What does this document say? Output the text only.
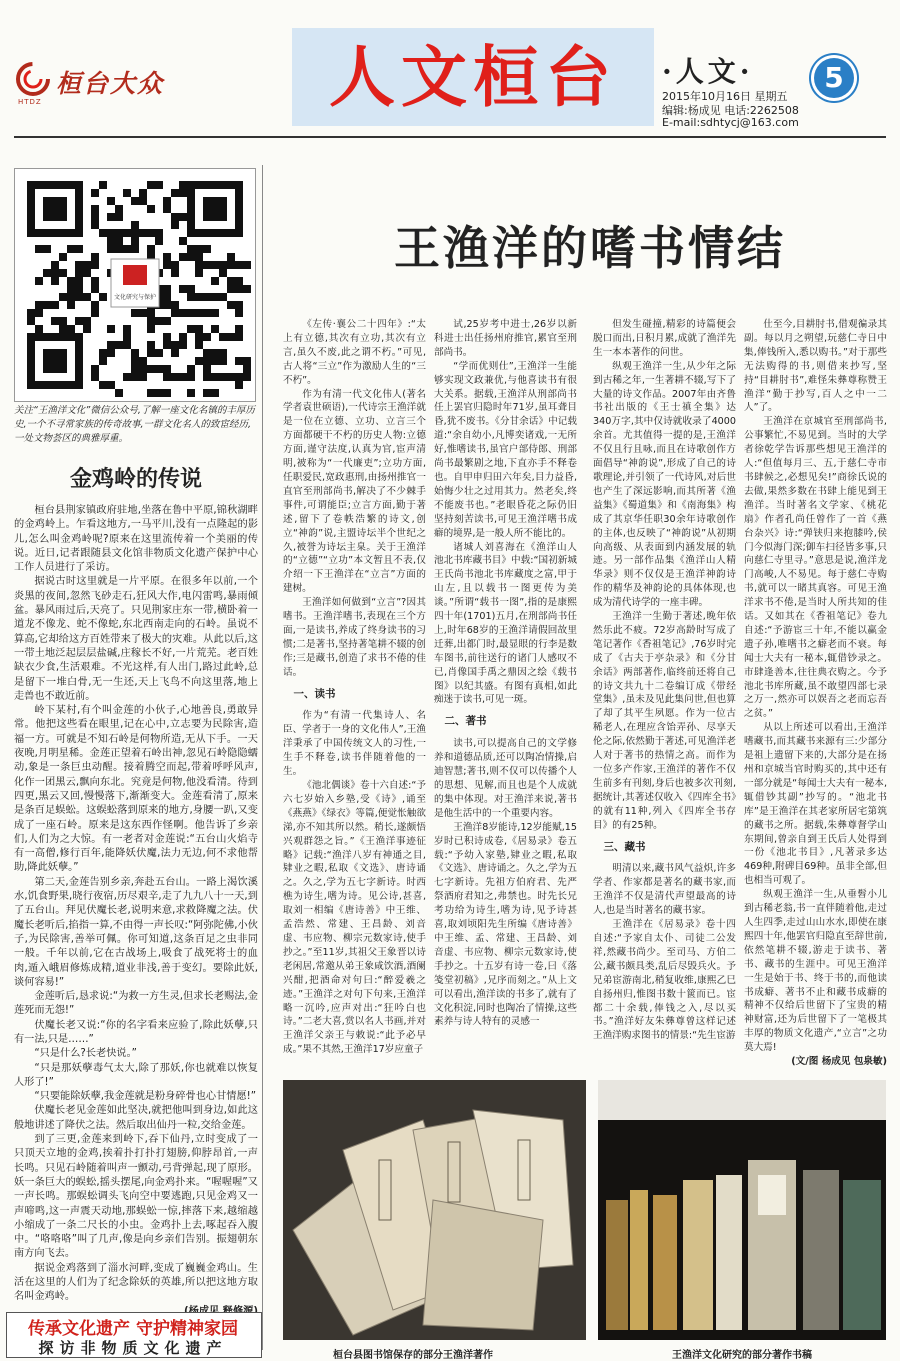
桓台大众
HTDZ	人文桓台	·人文·	5
2015年10月16日 星期五
编辑:杨成见 电话:2262508
E-mail:sdhtycj@163.com
文化研究与保护
关注“王渔洋文化”微信公众号,了解一座文化名镇的丰厚历史,一个不寻常家族的传奇故事,一群文化名人的致宦经历,一处文物荟区的典雅厚重。
金鸡岭的传说

桓台县荆家镇政府驻地,坐落在鲁中平原,锦秋湖畔的金鸡岭上。乍看这地方,一马平川,没有一点隆起的影儿,怎么叫金鸡岭呢?原来在这里流传着一个美丽的传说。近日,记者跟随县文化馆非物质文化遗产保护中心工作人员进行了采访。

据说古时这里就是一片平原。在很多年以前,一个炎黑的夜间,忽然飞砂走石,狂风大作,电闪雷鸣,暴雨倾盆。暴风雨过后,天亮了。只见荆家庄东一带,横卧着一道龙不像龙、蛇不像蛇,东北西南走向的石岭。虽说不算高,它却给这方百姓带来了极大的灾难。从此以后,这一带土地泛起层层盐碱,庄稼长不好,一片荒芜。老百姓缺衣少食,生活艰难。不光这样,有人出门,路过此岭,总是留下一堆白骨,无一生还,天上飞鸟不向这里落,地上走兽也不敢近前。

岭下某村,有个叫金莲的小伙子,心地善良,勇敢异常。他把这些看在眼里,记在心中,立志要为民除害,造福一方。可就是不知石岭是何物所造,无从下手。一天夜晚,月明星稀。金莲正望着石岭出神,忽见石岭隐隐蠕动,象是一条巨虫动醒。接着腾空而起,带着呼呼风声,化作一团黑云,飘向东北。究竟是何物,他没看清。待到四更,黑云又回,慢慢落下,渐渐变大。金莲看清了,原来是条百足蜈蚣。这蜈蚣落到原来的地方,身腰一趴,又变成了一座石岭。原来是这东西作怪啊。他告诉了乡亲们,人们为之大惊。有一老者对金莲说:“五台山火焰寺有一高僧,修行百年,能降妖伏魔,法力无边,何不求他帮助,降此妖孽。”

第二天,金莲告别乡亲,奔赴五台山。一路上渴饮溪水,饥食野果,晓行夜宿,历尽艰辛,走了九九八十一天,到了五台山。拜见伏魔长老,说明来意,求救降魔之法。伏魔长老听后,掐指一算,不由得一声长叹:“阿弥陀佛,小伙子,为民除害,善举可佩。你可知道,这条百足之虫非同一般。千年以前,它在古战场上,吸食了战死将士的血肉,遁入峨眉修炼成精,道业非浅,善于变幻。要除此妖,谈何容易!”

金莲听后,恳求说:“为救一方生灵,但求长老赐法,金莲死而无怨!”

伏魔长老又说:“你的名字看来应验了,除此妖孽,只有一法,只是……”

“只是什么?长老快说。”

“只是那妖孽毒气太大,除了那妖,你也就难以恢复人形了!”

“只要能除妖孽,我金莲就是粉身碎骨也心甘情愿!”

伏魔长老见金莲如此坚决,就把他叫到身边,如此这般地讲述了降伏之法。然后取出仙丹一粒,交给金莲。

到了三更,金莲来到岭下,吞下仙丹,立时变成了一只顶天立地的金鸡,挨着扑打扑打翅膀,仰脖昂首,一声长鸣。只见石岭随着叫声一颤动,弓背弹起,现了原形。妖一条巨大的蜈蚣,摇头摆尾,向金鸡扑来。“喔喔喔”又一声长鸣。那蜈蚣调头飞向空中要逃跑,只见金鸡又一声啼鸣,这一声震天动地,那蜈蚣一惊,摔落下来,越缩越小缩成了一条二尺长的小虫。金鸡扑上去,啄起吞入腹中。“咯咯咯”叫了几声,像是向乡亲们告别。振翅朝东南方向飞去。

据说金鸡落到了淄水河畔,变成了巍巍金鸡山。生活在这里的人们为了纪念除妖的英雄,所以把这地方取名叫金鸡岭。

传承文化遗产 守护精神家园
探访非物质文化遗产
王渔洋的嗜书情结

《左传·襄公二十四年》:“太上有立德,其次有立功,其次有立言,虽久不废,此之谓不朽。”可见,古人将“三立”作为激励人生的“三不朽”。

作为有清一代文化伟人(著名学者袁世硕语),一代诗宗王渔洋就是一位在立德、立功、立言三个方面都硬干不朽的历史人物:立德方面,谨守法度,认真为官,宦声清明,被称为“一代廉吏”;立功方面,任职爱民,宽政惠刑,由扬州推官一直官至刑部尚书,解决了不少棘手事件,可谓能臣;立言方面,勤于著述,留下了卷帙浩繁的诗文,创立“神韵”说,主盟诗坛半个世纪之久,被誉为诗坛主臬。关于王渔洋的“立德”“立功”本文暂且不表,仅介绍一下王渔洋在“立言”方面的建树。

王渔洋如何做到“立言”?因其嗜书。王渔洋嗜书,表现在三个方面,一是读书,养成了终身读书的习惯;二是著书,坚持著笔耕不辍的创作;三是藏书,创造了求书不倦的佳话。

一、读书

作为“有清一代集诗人、名臣、学者于一身的文化伟人”,王渔洋秉承了中国传统文人的习性,一生手不释卷,读书伴随着他的一生。

《池北偶谈》卷十六自述:“予六七岁始入乡塾,受《诗》,诵至《燕燕》《绿衣》等篇,便觉怅触欲涕,亦不知其所以然。稍长,遂颇悟兴观群怨之旨。”《王渔洋事迹征略》记载:“渔洋八岁有神通之目,肄业之暇,私取《文选》、唐诗诵之。久之,学为五七字新诗。时西樵为诗生,嗜为诗。见公诗,甚喜,取刘一相编《唐诗善》中王维、孟浩然、常建、王昌龄、刘音虚、韦应物、柳宗元数家诗,使手抄之。”至11岁,其祖父王象晋以诗老闲居,常邀从弟王象咸饮酒,酒阑兴酣,把酒命对句曰:“醉爱羲之迹。”王渔洋之对句下句来,王渔洋略一沉吟,应声对出:“狂吟白也诗。”二老大喜,赏以名人书画,并对王渔洋父亲王与敕说:“此予必早成。”果不其然,王渔洋17岁应童子

试,25岁考中进士,26岁以新科进士出任扬州府推官,累官至刑部尚书。

“学而优则仕”,王渔洋一生能够实现文政兼优,与他喜读书有很大关系。据载,王渔洋从刑部尚书任上罢官归隐时年71岁,虽耳聋目昏,犹不废书。《分甘余话》中记载道:“余自幼小,凡博奕诸戏,一无所好,惟嗜读书,虽官户部侍郎、刑部尚书最繁剧之地,下直亦手不释卷也。自甲申归田六年矣,目力益昏,始悔少壮之过用其力。然老矣,终不能废书也。”老眼昏花之际仍旧坚持刻苦读书,可见王渔洋嗜书成癖的境界,是一般人所不能比的。

诸城人刘喜海在《渔洋山人池北书库藏书目》中载:“国初新城王氏尚书池北书库藏度之富,甲于山左,且以载书一图更传为美谈。”所谓“载书一图”,指的是康熙四十年(1701)五月,在刑部尚书任上,时年68岁的王渔洋请假回故里迁葬,出都门时,最显眼的行李是数车图书,前往送行的诸门人感叹不已,肖像国手禹之鼎因之绘《载书图》以纪其盛。有图有真相,如此痴迷于读书,可见一斑。

二、著书

读书,可以提高自己的文学修养和道德品质,还可以陶冶情操,启迪智慧;著书,则不仅可以传播个人的思想、见解,而且也是个人成就的集中体现。对王渔洋来说,著书是他生活中的一个重要内容。

王渔洋8岁能诗,12岁能赋,15岁时已积诗成卷,《居易录》卷五载:“予幼入家塾,肄业之暇,私取《文选》、唐诗诵之。久之,学为五七字新诗。先祖方伯府君、先严祭酒府君知之,弗禁也。时先长兄考功给为诗生,嗜为诗,见予诗甚喜,取刘顷阳先生所编《唐诗善》中王维、孟、常建、王昌龄、刘音虚、韦应物、柳宗元数家诗,使手抄之。十五岁有诗一卷,曰《落笺堂初稿》,兄序而刻之。”从上文可以看出,渔洋读的书多了,就有了文化积淀,同时也陶冶了情操,这些素养与诗人特有的灵感一

但发生碰撞,精彩的诗篇便会脱口而出,日积月累,成就了渔洋先生一本本著作的问世。

纵观王渔洋一生,从少年之际到古稀之年,一生著耕不辍,写下了大量的诗文作品。2007年由齐鲁书社出版的《王士禛全集》达340万字,其中仅诗就收录了4000余首。尤其值得一提的是,王渔洋不仅且行且咏,而且在诗歌创作方面倡导“神韵说”,形成了自己的诗歌理论,并引领了一代诗风,对后世也产生了深远影响,而其所著《渔益集》《蜀道集》和《南海集》构成了其京华任职30余年诗歌创作的主体,也反映了“神韵说”从初期向高级、从表面到内涵发展的轨迹。另一部作品集《渔洋山人精华录》则不仅仅是王渔洋神韵诗作的精华及神韵论的具体体现,也成为清代诗学的一座丰碑。

王渔洋一生勤于著述,晚年依然乐此不疲。72岁高龄时写成了笔记著作《香祖笔记》,76岁时完成了《古夫于亭杂录》和《分甘余话》两部著作,临终前还将自己的诗文共九十二卷编订成《带经堂集》,虽未及见此集问世,但也算了却了其平生夙愿。作为一位古稀老人,在理应含饴弄孙、尽享天伦之际,依然勤于著述,可见渔洋老人对于著书的热情之高。而作为一位多产作家,王渔洋的著作不仅生前多有刊刻,身后也被多次刊刻,据统计,其著述仅收入《四库全书》的就有11种,列入《四库全书存目》的有25种。

三、藏书

明清以来,藏书风气益炽,许多学者、作家都是著名的藏书家,而王渔洋不仅是清代声望最高的诗人,也是当时著名的藏书家。

王渔洋在《居易录》卷十四自述:“予家自太仆、司徒二公发祥,然藏书尚少。至司马、方伯二公,藏书颇具类,乱后尽毁兵火。予兄弟宦游南北,稍复收维,康熙乙巳自扬州归,惟图书数十篋而已。宦都二十余载,俸钱之入,尽以买书。”渔洋好友朱彝尊曾这样记述王渔洋购求图书的情景:“先生宦游

仕至今,目耕肘书,借观徧录其副。每以月之朔望,玩慈仁寺日中集,俸钱所入,悉以购书。”对于那些无法购得的书,则借来抄写,坚持“目耕肘书”,难怪朱彝尊称赞王渔洋“勤于抄写,百人之中一二人”了。

王渔洋在京城官至刑部尚书,公事繁忙,不易见到。当时的大学者徐乾学告诉那些想见王渔洋的人:“但值每月三、五,于慈仁寺市书肆候之,必想见矣!”商徐氏说的去做,果然多数在书肆上能见到王渔洋。当时著名文学家、《桃花扇》作者孔尚任曾作了一首《燕台杂兴》诗:“弹铗归来抱膝吟,侯门今似海门深;御车扫径皆多事,只向慈仁寺里寻。”意思是说,渔洋龙门高峻,人不易见。每于慈仁寺购书,就可以一睹其真容。可见王渔洋求书不倦,是当时人所共知的佳话。又如其在《香祖笔记》卷九自述:“予游宦三十年,不能以赢金遗子孙,唯嗜书之癖老而不衰。每闻士大夫有一秘本,辄借钞录之。市肆逢善本,往往典衣购之。今予池北书库所藏,虽不敢望四部七录之万一,然亦可以娱吾之老而忘吾之贫。”

从以上所述可以看出,王渔洋嗜藏书,而其藏书来源有三:少部分是祖上遗留下来的,大部分是在扬州和京城当官时购买的,其中还有一部分就是“每闻士大夫有一秘本,辄借钞其副”抄写的。“池北书库”是王渔洋在其老家所居宅第筑的藏书之所。据载,朱彝尊督学山东期间,曾亲自到王氏后人处得到一份《池北书目》,凡著录多达469种,附碑目69种。虽非全部,但也相当可观了。

纵观王渔洋一生,从垂髫小儿到古稀老翁,书一直伴随着他,走过人生四季,走过山山水水,即使在康熙四十年,他罢官归隐直至辞世前,依然笔耕不辍,游走于读书、著书、藏书的生涯中。可见王渔洋一生是始于书、终于书的,而他读书成癖、著书不止和藏书成癖的精神不仅给后世留下了宝贵的精神财富,还为后世留下了一笔极其丰厚的物质文化遗产,“立言”之功莫大焉!

(文/图 杨成见 包泉敏)

桓台县图书馆保存的部分王渔洋著作	王渔洋文化研究的部分著作书稿
